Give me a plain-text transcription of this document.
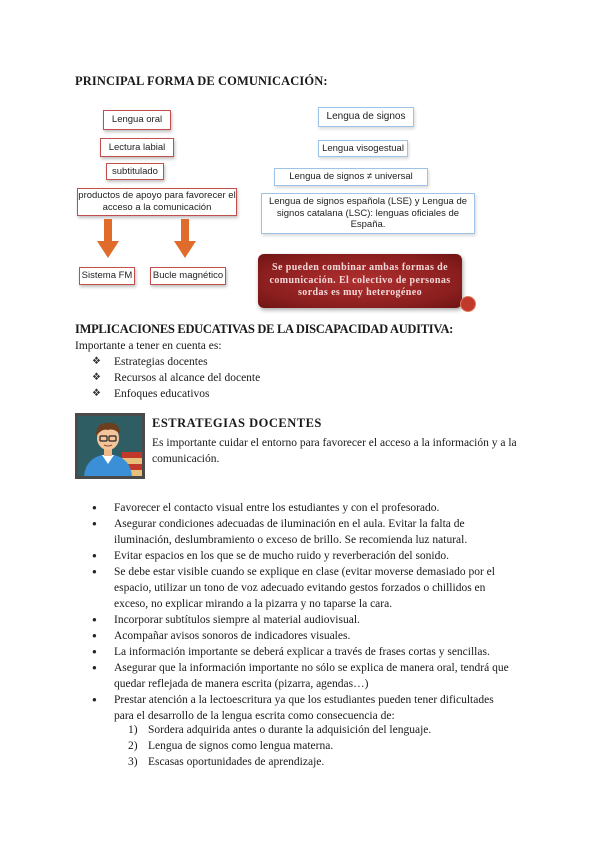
PRINCIPAL FORMA DE COMUNICACIÓN:
Lengua oral
Lectura labial
subtitulado
productos de apoyo para favorecer el acceso a la comunicación
Sistema FM	Bucle magnético
Lengua de signos
Lengua visogestual
Lengua de signos ≠ universal
Lengua de signos española (LSE) y Lengua de signos catalana (LSC): lenguas oficiales de España.
Se pueden combinar ambas formas de comunicación. El colectivo de personas sordas es muy heterogéneo
IMPLICACIONES EDUCATIVAS DE LA DISCAPACIDAD AUDITIVA:
Importante a tener en cuenta es:
❖ Estrategias docentes
❖ Recursos al alcance del docente
❖ Enfoques educativos
ESTRATEGIAS DOCENTES
Es importante cuidar el entorno para favorecer el acceso a la información y a la comunicación.
● Favorecer el contacto visual entre los estudiantes y con el profesorado.
● Asegurar condiciones adecuadas de iluminación en el aula. Evitar la falta de iluminación, deslumbramiento o exceso de brillo. Se recomienda luz natural.
● Evitar espacios en los que se de mucho ruido y reverberación del sonido.
● Se debe estar visible cuando se explique en clase (evitar moverse demasiado por el espacio, utilizar un tono de voz adecuado evitando gestos forzados o chillidos en exceso, no explicar mirando a la pizarra y no taparse la cara.
● Incorporar subtítulos siempre al material audiovisual.
● Acompañar avisos sonoros de indicadores visuales.
● La información importante se deberá explicar a través de frases cortas y sencillas.
● Asegurar que la información importante no sólo se explica de manera oral, tendrá que quedar reflejada de manera escrita (pizarra, agendas…)
● Prestar atención a la lectoescritura ya que los estudiantes pueden tener dificultades para el desarrollo de la lengua escrita como consecuencia de:
1) Sordera adquirida antes o durante la adquisición del lenguaje.
2) Lengua de signos como lengua materna.
3) Escasas oportunidades de aprendizaje.
